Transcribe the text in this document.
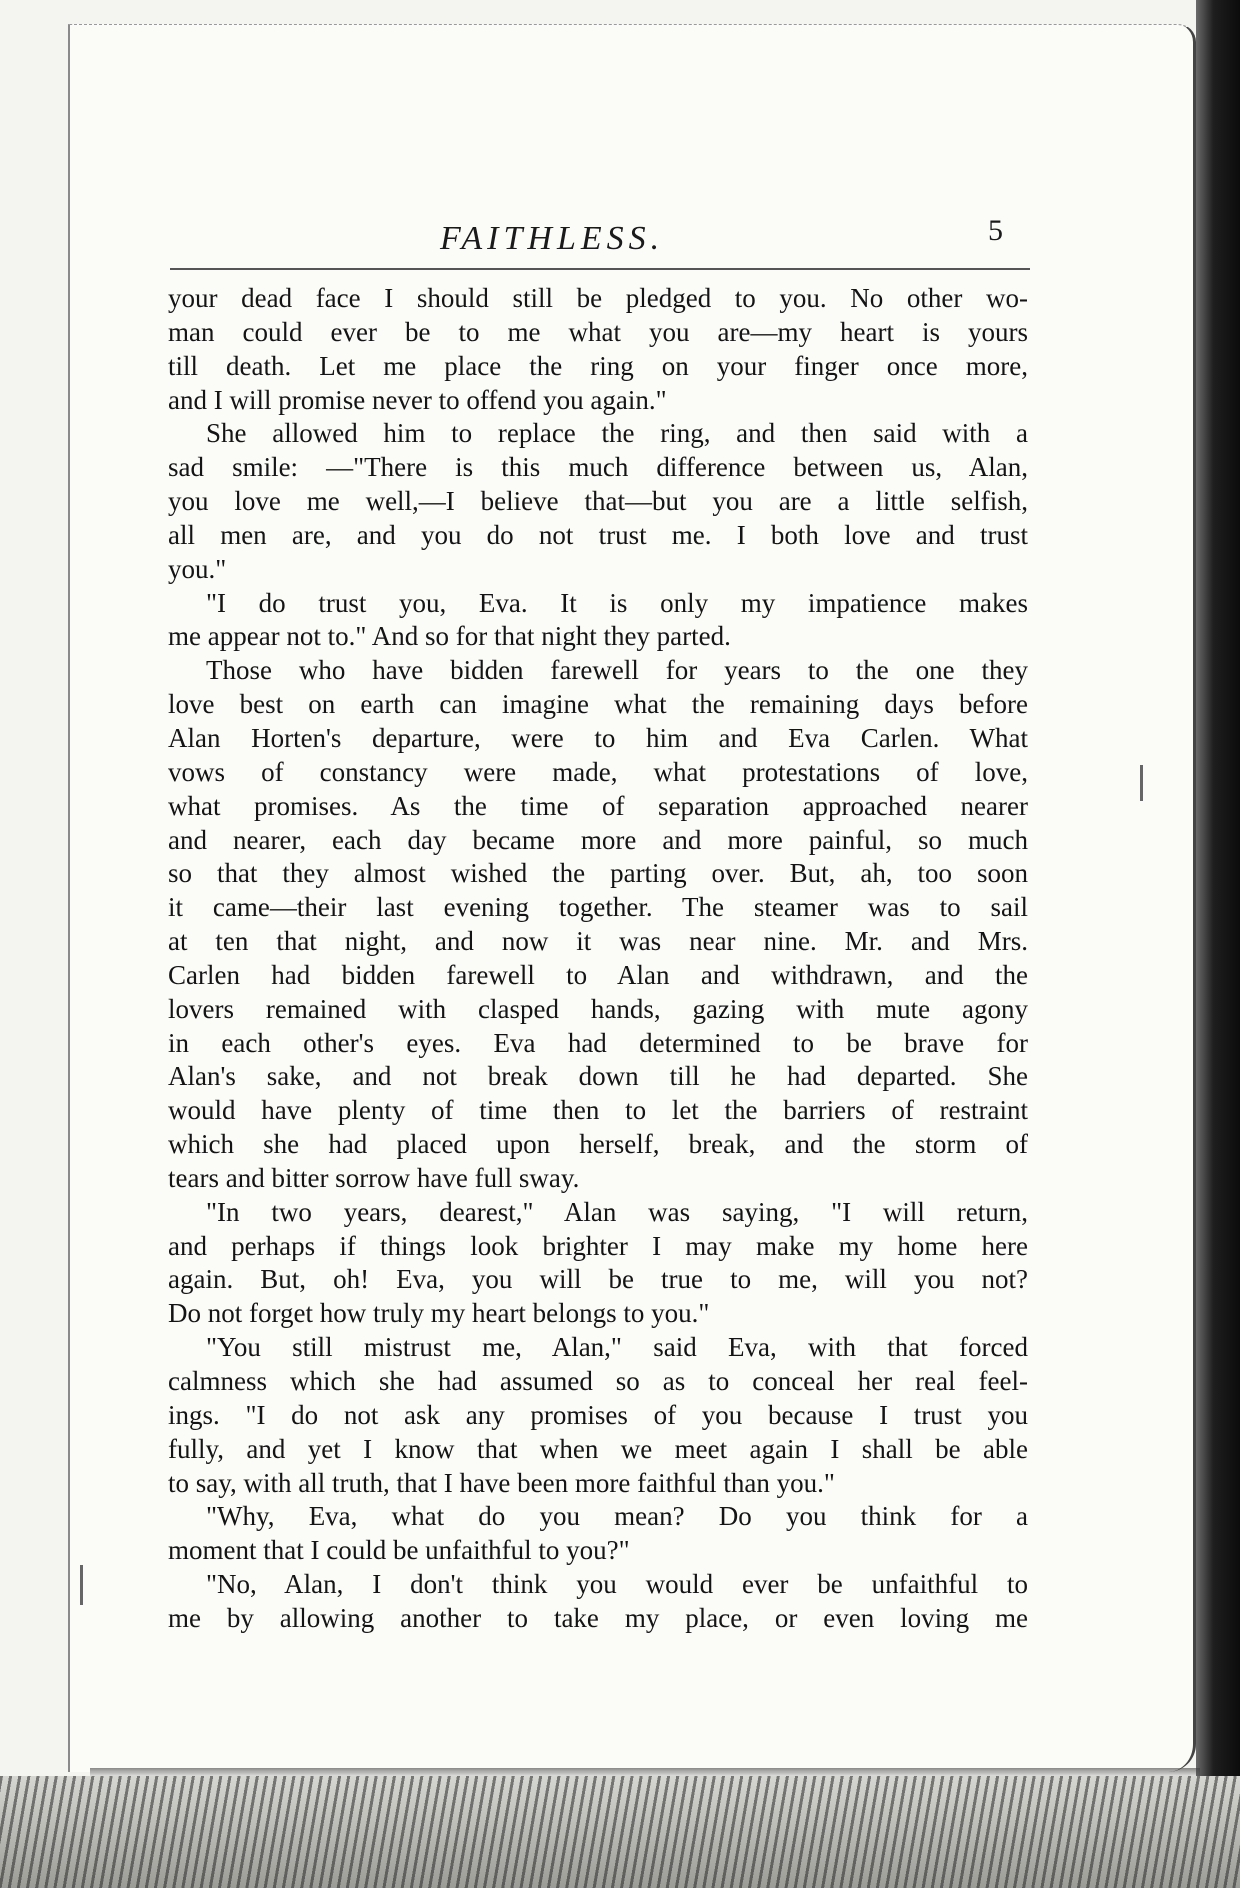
FAITHLESS.	5
your dead face I should still be pledged to you. No other wo-
man could ever be to me what you are—my heart is yours
till death. Let me place the ring on your finger once more,
and I will promise never to offend you again."
She allowed him to replace the ring, and then said with a
sad smile: —"There is this much difference between us, Alan,
you love me well,—I believe that—but you are a little selfish,
all men are, and you do not trust me. I both love and trust
you."
"I do trust you, Eva. It is only my impatience makes
me appear not to." And so for that night they parted.
Those who have bidden farewell for years to the one they
love best on earth can imagine what the remaining days before
Alan Horten's departure, were to him and Eva Carlen. What
vows of constancy were made, what protestations of love,
what promises. As the time of separation approached nearer
and nearer, each day became more and more painful, so much
so that they almost wished the parting over. But, ah, too soon
it came—their last evening together. The steamer was to sail
at ten that night, and now it was near nine. Mr. and Mrs.
Carlen had bidden farewell to Alan and withdrawn, and the
lovers remained with clasped hands, gazing with mute agony
in each other's eyes. Eva had determined to be brave for
Alan's sake, and not break down till he had departed. She
would have plenty of time then to let the barriers of restraint
which she had placed upon herself, break, and the storm of
tears and bitter sorrow have full sway.
"In two years, dearest," Alan was saying, "I will return,
and perhaps if things look brighter I may make my home here
again. But, oh! Eva, you will be true to me, will you not?
Do not forget how truly my heart belongs to you."
"You still mistrust me, Alan," said Eva, with that forced
calmness which she had assumed so as to conceal her real feel-
ings. "I do not ask any promises of you because I trust you
fully, and yet I know that when we meet again I shall be able
to say, with all truth, that I have been more faithful than you."
"Why, Eva, what do you mean? Do you think for a
moment that I could be unfaithful to you?"
"No, Alan, I don't think you would ever be unfaithful to
me by allowing another to take my place, or even loving me
